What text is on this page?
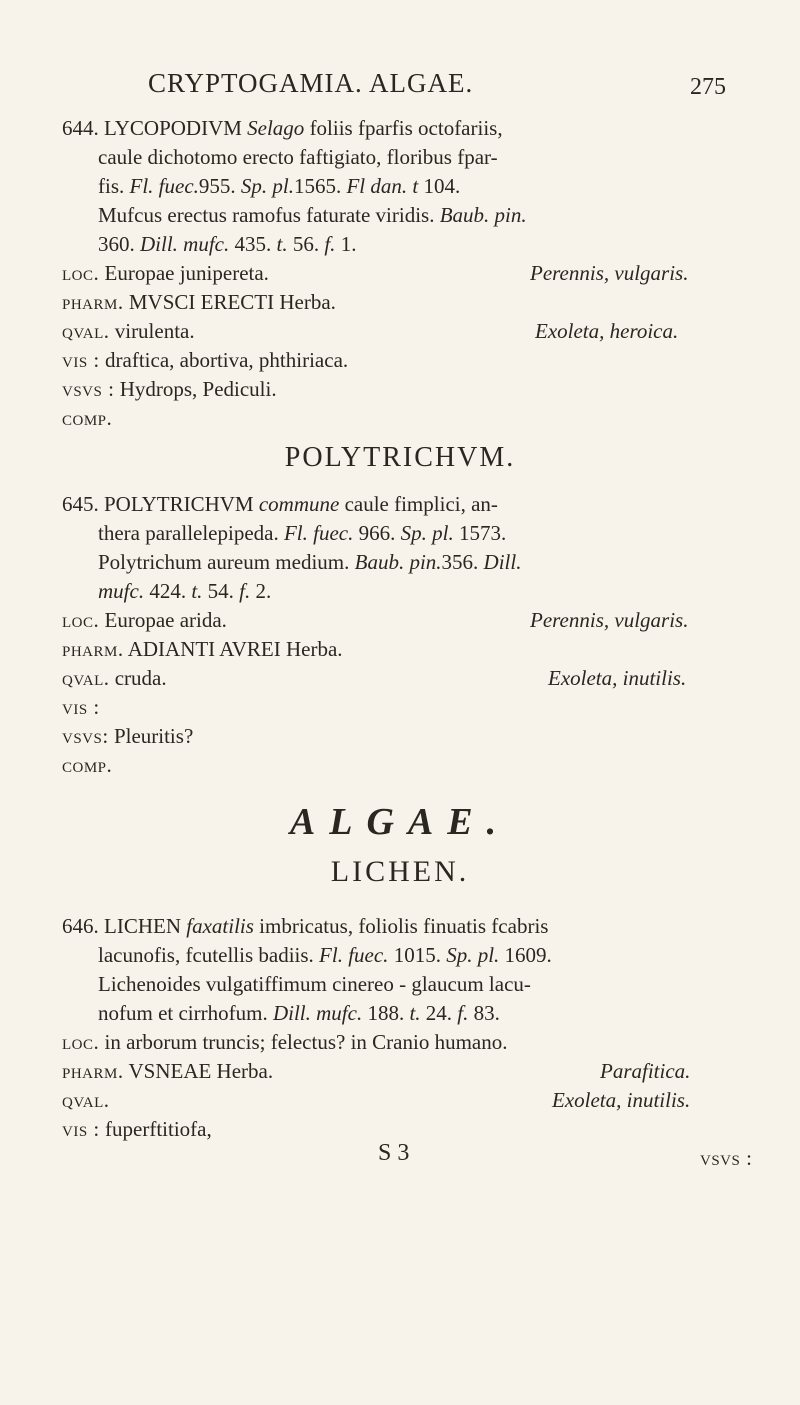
CRYPTOGAMIA. ALGAE.	275
644. LYCOPODIVM Selago foliis fparfis octofariis,
caule dichotomo erecto faftigiato, floribus fpar-
fis. Fl. fuec.955. Sp. pl.1565. Fl dan. t 104.
Mufcus erectus ramofus faturate viridis. Baub. pin.
360. Dill. mufc. 435. t. 56. f. 1.
loc. Europae junipereta.	Perennis, vulgaris.
pharm. MVSCI ERECTI Herba.
qval. virulenta.	Exoleta, heroica.
vis : draftica, abortiva, phthiriaca.
vsvs : Hydrops, Pediculi.
comp.
POLYTRICHVM.
645. POLYTRICHVM commune caule fimplici, an-
thera parallelepipeda. Fl. fuec. 966. Sp. pl. 1573.
Polytrichum aureum medium. Baub. pin.356. Dill.
mufc. 424. t. 54. f. 2.
loc. Europae arida.	Perennis, vulgaris.
pharm. ADIANTI AVREI Herba.
qval. cruda.	Exoleta, inutilis.
vis :
vsvs: Pleuritis?
comp.
ALGAE.
LICHEN.
646. LICHEN faxatilis imbricatus, foliolis finuatis fcabris
lacunofis, fcutellis badiis. Fl. fuec. 1015. Sp. pl. 1609.
Lichenoides vulgatiffimum cinereo - glaucum lacu-
nofum et cirrhofum. Dill. mufc. 188. t. 24. f. 83.
loc. in arborum truncis; felectus? in Cranio humano.
pharm. VSNEAE Herba.	Parafitica.
qval.	Exoleta, inutilis.
vis : fuperftitiofa,
S 3	vsvs :
